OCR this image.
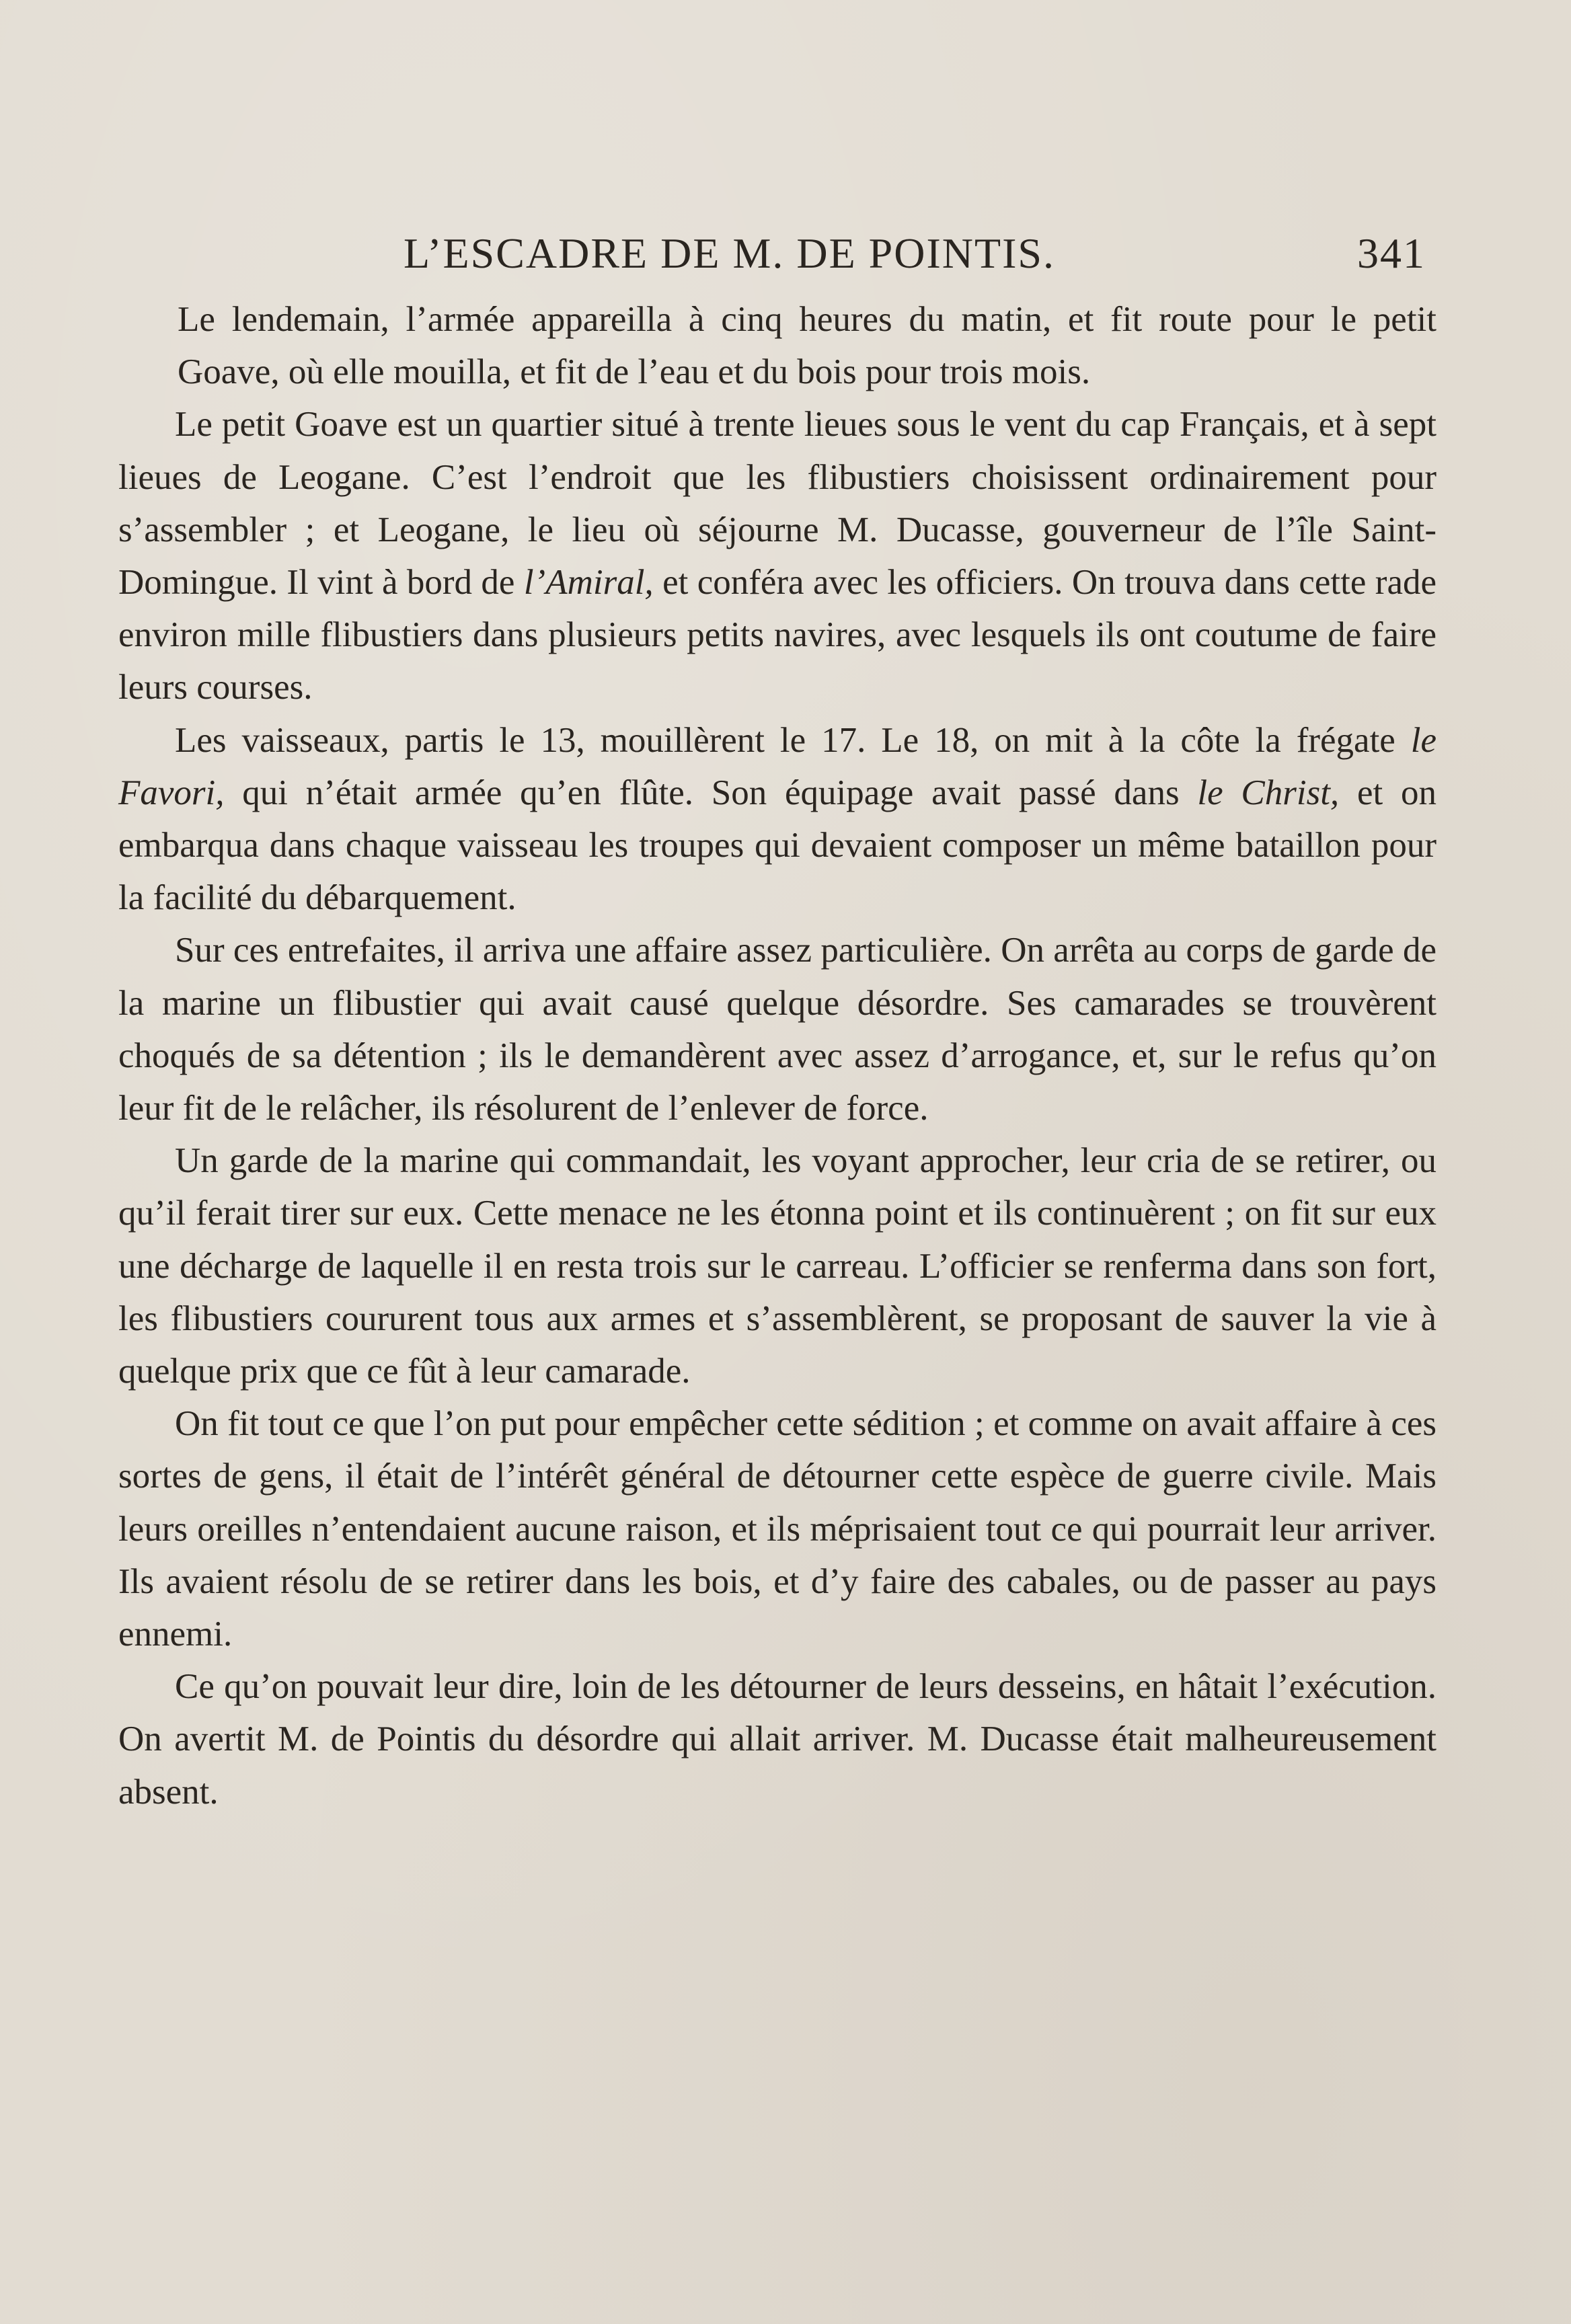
L’ESCADRE DE M. DE POINTIS.	341

Le lendemain, l’armée appareilla à cinq heures du matin, et fit route pour le petit Goave, où elle mouilla, et fit de l’eau et du bois pour trois mois.

Le petit Goave est un quartier situé à trente lieues sous le vent du cap Français, et à sept lieues de Leogane. C’est l’endroit que les flibustiers choisissent ordinairement pour s’assembler ; et Leogane, le lieu où séjourne M. Ducasse, gouverneur de l’île Saint-Domingue. Il vint à bord de l’Amiral, et conféra avec les officiers. On trouva dans cette rade environ mille flibustiers dans plusieurs petits navires, avec lesquels ils ont coutume de faire leurs courses.

Les vaisseaux, partis le 13, mouillèrent le 17. Le 18, on mit à la côte la frégate le Favori, qui n’était armée qu’en flûte. Son équipage avait passé dans le Christ, et on embarqua dans chaque vaisseau les troupes qui devaient composer un même bataillon pour la facilité du débarquement.

Sur ces entrefaites, il arriva une affaire assez particulière. On arrêta au corps de garde de la marine un flibustier qui avait causé quelque désordre. Ses camarades se trouvèrent choqués de sa détention ; ils le demandèrent avec assez d’arrogance, et, sur le refus qu’on leur fit de le relâcher, ils résolurent de l’enlever de force.

Un garde de la marine qui commandait, les voyant approcher, leur cria de se retirer, ou qu’il ferait tirer sur eux. Cette menace ne les étonna point et ils continuèrent ; on fit sur eux une décharge de laquelle il en resta trois sur le carreau. L’officier se renferma dans son fort, les flibustiers coururent tous aux armes et s’assemblèrent, se proposant de sauver la vie à quelque prix que ce fût à leur camarade.

On fit tout ce que l’on put pour empêcher cette sédition ; et comme on avait affaire à ces sortes de gens, il était de l’intérêt général de détourner cette espèce de guerre civile. Mais leurs oreilles n’entendaient aucune raison, et ils méprisaient tout ce qui pourrait leur arriver. Ils avaient résolu de se retirer dans les bois, et d’y faire des cabales, ou de passer au pays ennemi.

Ce qu’on pouvait leur dire, loin de les détourner de leurs desseins, en hâtait l’exécution. On avertit M. de Pointis du désordre qui allait arriver. M. Ducasse était malheureusement absent.
